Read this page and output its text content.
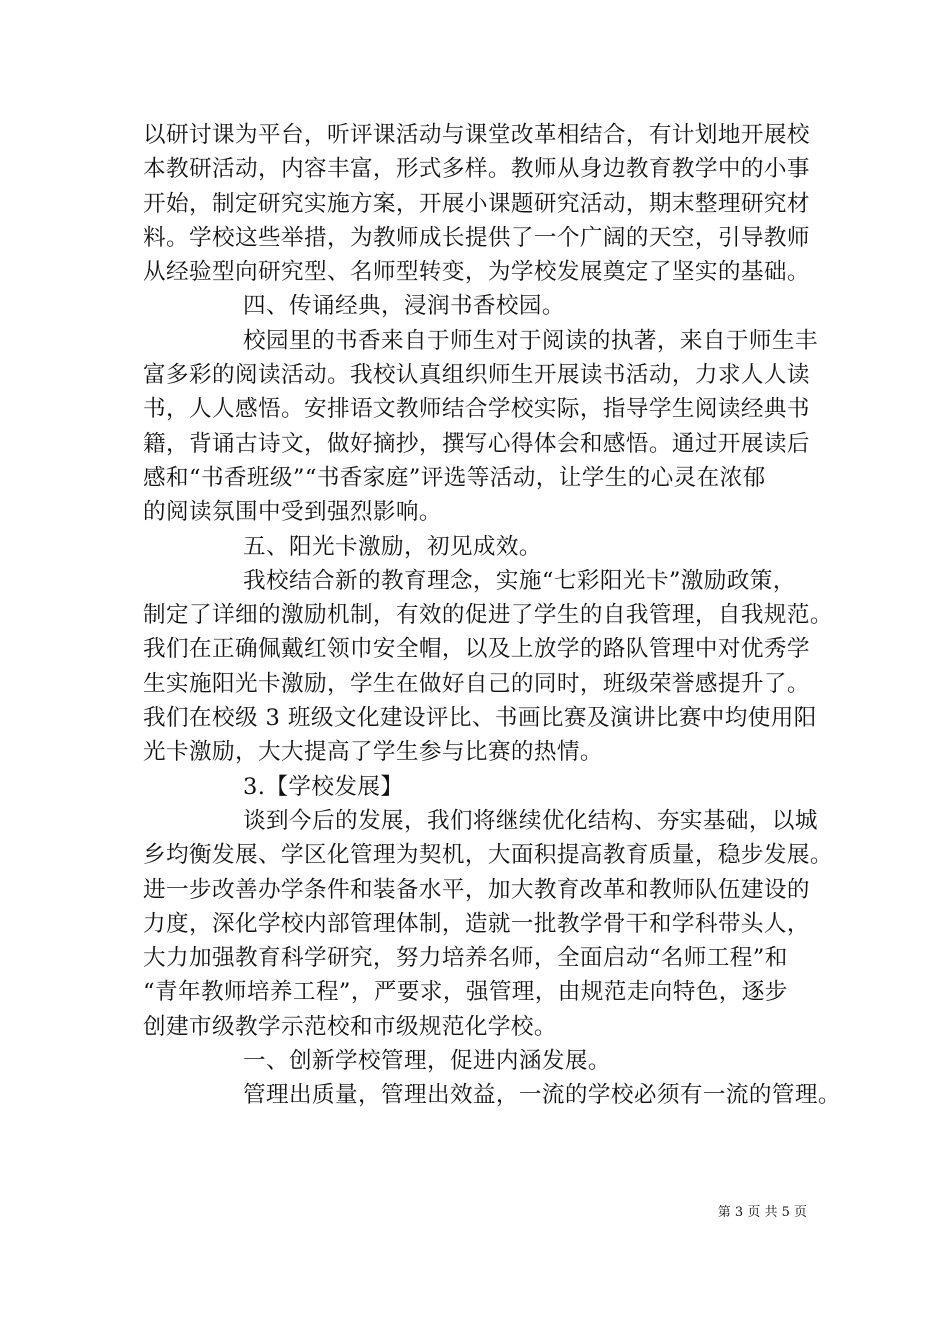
以研讨课为平台，听评课活动与课堂改革相结合，有计划地开展校
本教研活动，内容丰富，形式多样。教师从身边教育教学中的小事
开始，制定研究实施方案，开展小课题研究活动，期末整理研究材
料。学校这些举措，为教师成长提供了一个广阔的天空，引导教师
从经验型向研究型、名师型转变，为学校发展奠定了坚实的基础。
四、传诵经典，浸润书香校园。
校园里的书香来自于师生对于阅读的执著，来自于师生丰
富多彩的阅读活动。我校认真组织师生开展读书活动，力求人人读
书，人人感悟。安排语文教师结合学校实际，指导学生阅读经典书
籍，背诵古诗文，做好摘抄，撰写心得体会和感悟。通过开展读后
感和“书香班级”“书香家庭”评选等活动，让学生的心灵在浓郁
的阅读氛围中受到强烈影响。
五、阳光卡激励，初见成效。
我校结合新的教育理念，实施“七彩阳光卡”激励政策，
制定了详细的激励机制，有效的促进了学生的自我管理，自我规范。
我们在正确佩戴红领巾安全帽，以及上放学的路队管理中对优秀学
生实施阳光卡激励，学生在做好自己的同时，班级荣誉感提升了。
我们在校级 3 班级文化建设评比、书画比赛及演讲比赛中均使用阳
光卡激励，大大提高了学生参与比赛的热情。
3.【学校发展】
谈到今后的发展，我们将继续优化结构、夯实基础，以城
乡均衡发展、学区化管理为契机，大面积提高教育质量，稳步发展。
进一步改善办学条件和装备水平，加大教育改革和教师队伍建设的
力度，深化学校内部管理体制，造就一批教学骨干和学科带头人，
大力加强教育科学研究，努力培养名师，全面启动“名师工程”和
“青年教师培养工程”，严要求，强管理，由规范走向特色，逐步
创建市级教学示范校和市级规范化学校。
一、创新学校管理，促进内涵发展。
管理出质量，管理出效益，一流的学校必须有一流的管理。
第 3 页 共 5 页
